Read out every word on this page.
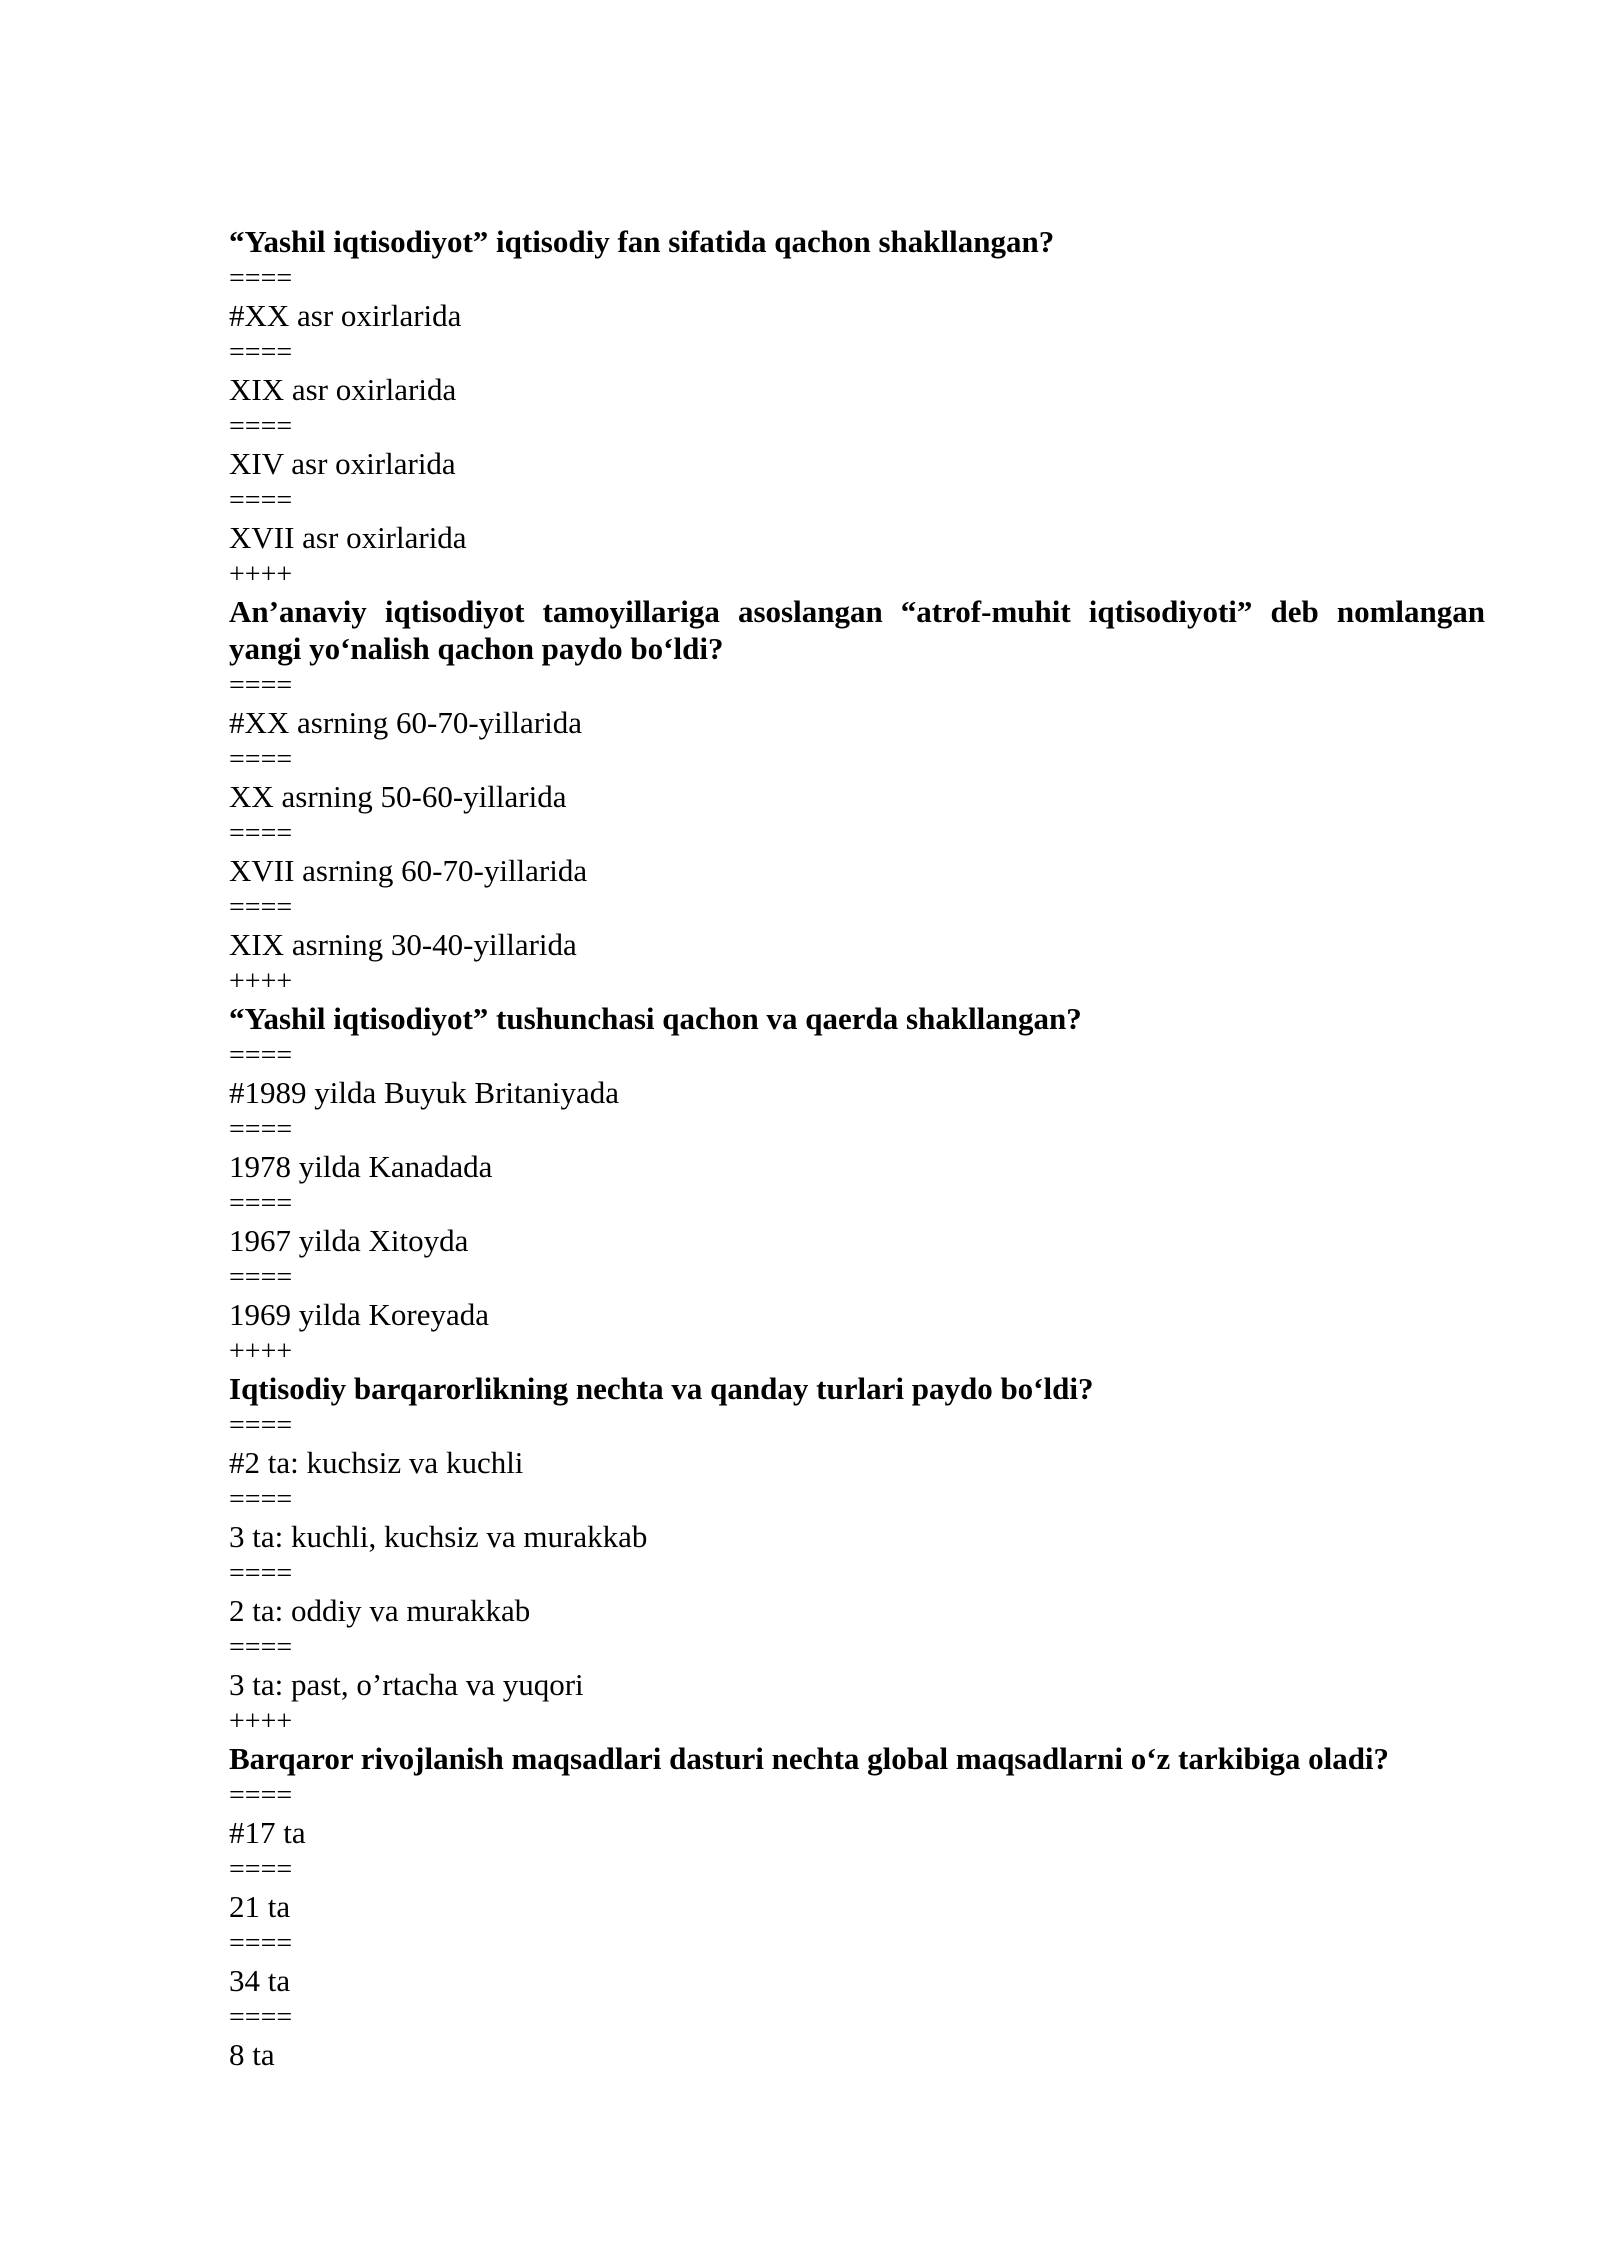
“Yashil iqtisodiyot” iqtisodiy fan sifatida qachon shakllangan?
====
#XX asr oxirlarida
====
XIX asr oxirlarida
====
XIV asr oxirlarida
====
XVII asr oxirlarida
++++
An’anaviy iqtisodiyot tamoyillariga asoslangan “atrof-muhit iqtisodiyoti” deb nomlangan yangi yo‘nalish qachon paydo bo‘ldi?
====
#XX asrning 60-70-yillarida
====
XX asrning 50-60-yillarida
====
XVII asrning 60-70-yillarida
====
XIX asrning 30-40-yillarida
++++
“Yashil iqtisodiyot” tushunchasi qachon va qaerda shakllangan?
====
#1989 yilda Buyuk Britaniyada
====
1978 yilda Kanadada
====
1967 yilda Xitoyda
====
1969 yilda Koreyada
++++
Iqtisodiy barqarorlikning nechta va qanday turlari paydo bo‘ldi?
====
#2 ta: kuchsiz va kuchli
====
3 ta: kuchli, kuchsiz va murakkab
====
2 ta: oddiy va murakkab
====
3 ta: past, o’rtacha va yuqori
++++
Barqaror rivojlanish maqsadlari dasturi nechta global maqsadlarni o‘z tarkibiga oladi?
====
#17 ta
====
21 ta
====
34 ta
====
8 ta
